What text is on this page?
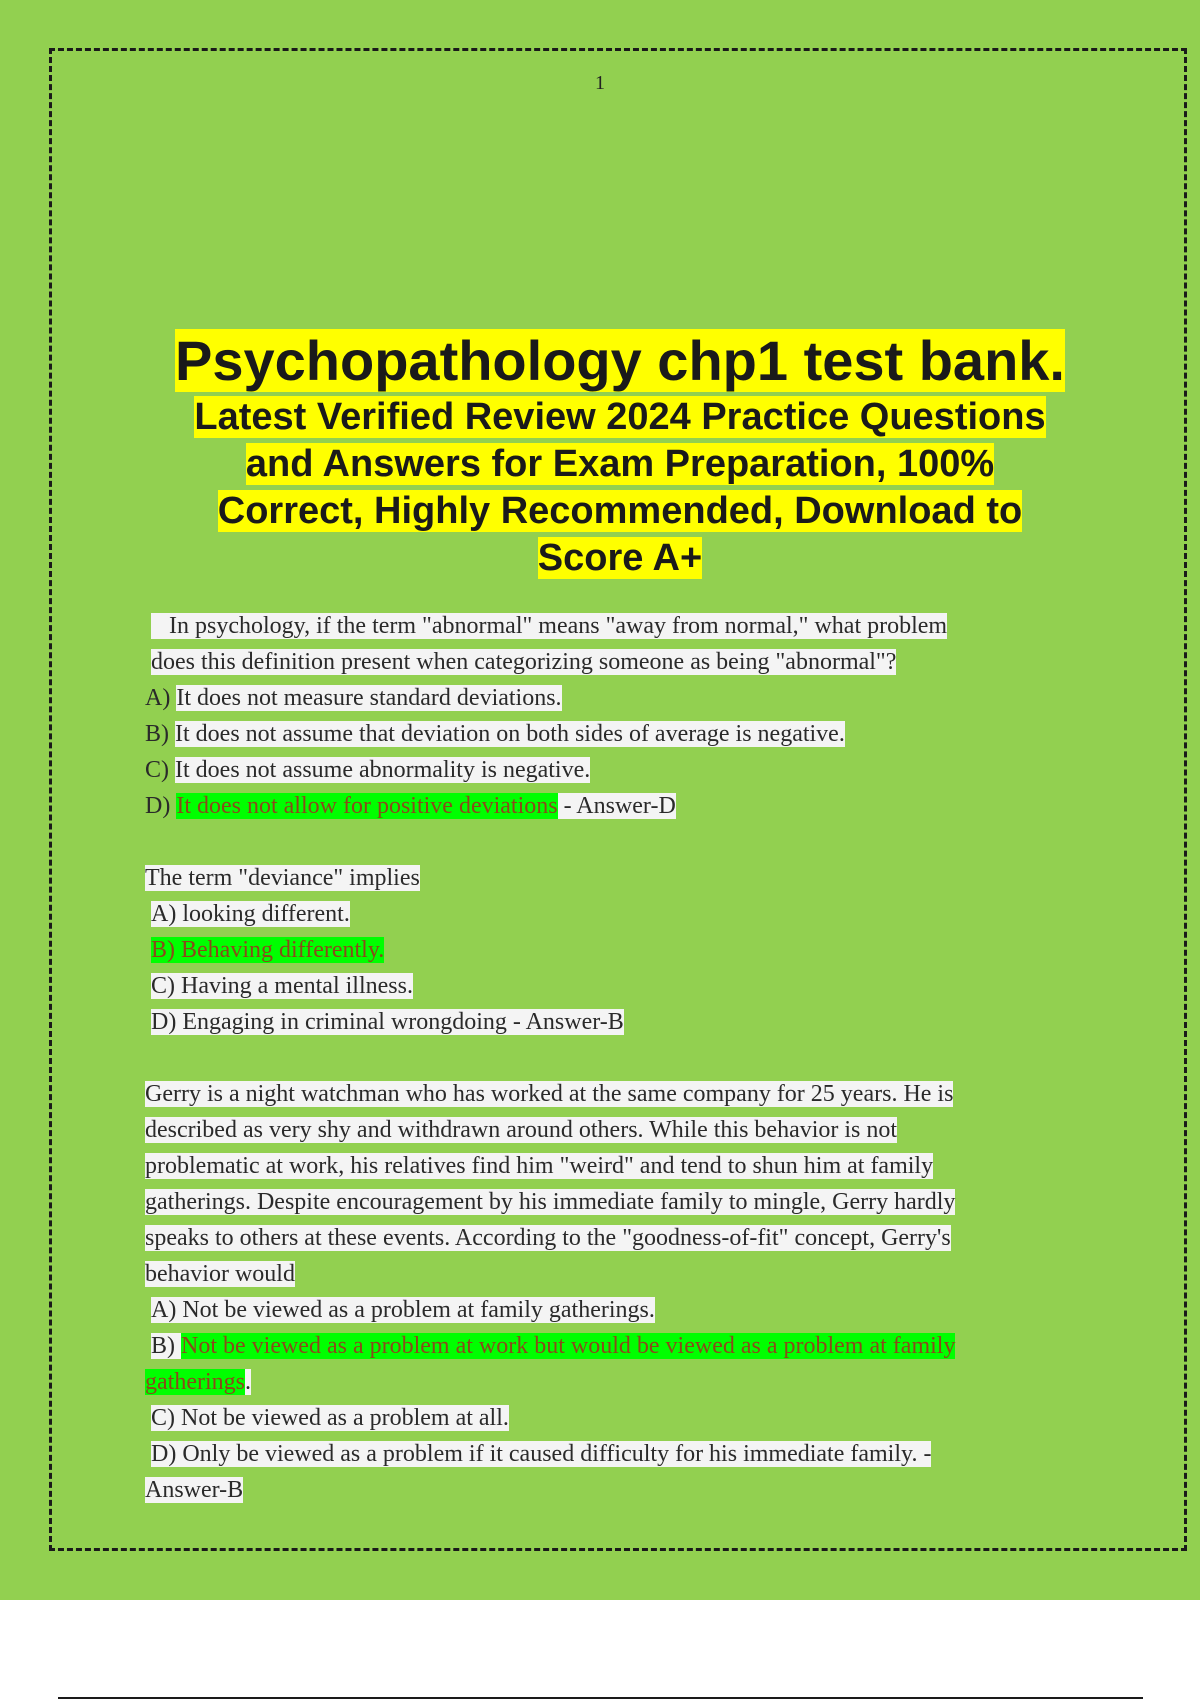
1

Psychopathology chp1 test bank.

Latest Verified Review 2024 Practice Questions

and Answers for Exam Preparation, 100%

Correct, Highly Recommended, Download to

Score A+

In psychology, if the term "abnormal" means "away from normal," what problem
does this definition present when categorizing someone as being "abnormal"?
A) It does not measure standard deviations.
B) It does not assume that deviation on both sides of average is negative.
C) It does not assume abnormality is negative.
D) It does not allow for positive deviations - Answer-D
The term "deviance" implies
A) looking different.
B) Behaving differently.
C) Having a mental illness.
D) Engaging in criminal wrongdoing - Answer-B
Gerry is a night watchman who has worked at the same company for 25 years. He is
described as very shy and withdrawn around others. While this behavior is not
problematic at work, his relatives find him "weird" and tend to shun him at family
gatherings. Despite encouragement by his immediate family to mingle, Gerry hardly
speaks to others at these events. According to the "goodness-of-fit" concept, Gerry's
behavior would
A) Not be viewed as a problem at family gatherings.
B) Not be viewed as a problem at work but would be viewed as a problem at family
gatherings.
C) Not be viewed as a problem at all.
D) Only be viewed as a problem if it caused difficulty for his immediate family. -
Answer-B
